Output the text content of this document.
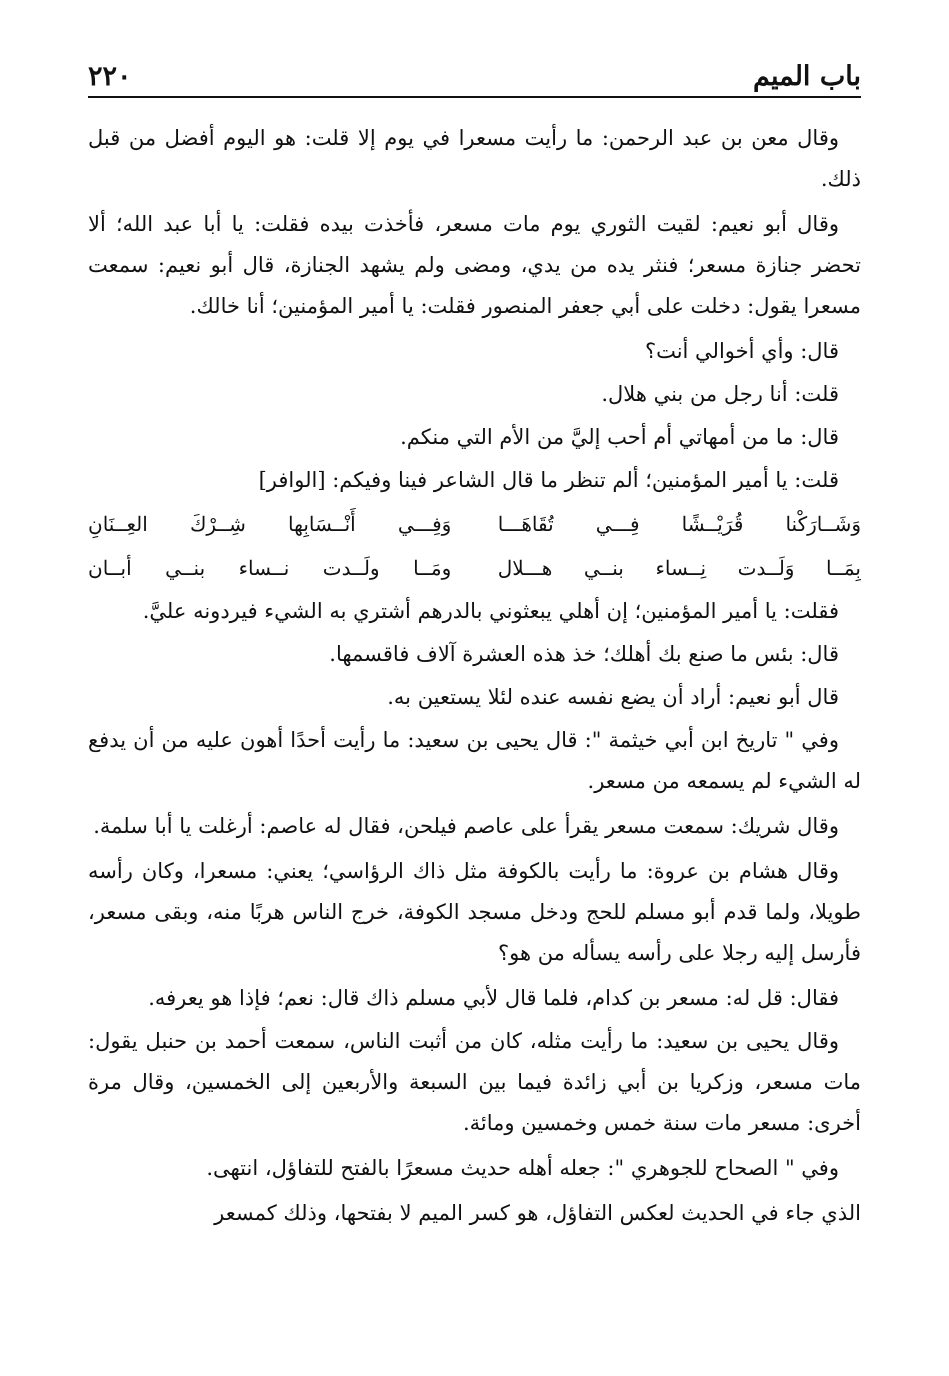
باب الميم
٢٢٠

وقال معن بن عبد الرحمن: ما رأيت مسعرا في يوم إلا قلت: هو اليوم أفضل من قبل ذلك.

وقال أبو نعيم: لقيت الثوري يوم مات مسعر، فأخذت بيده فقلت: يا أبا عبد الله؛ ألا تحضر جنازة مسعر؛ فنثر يده من يدي، ومضى ولم يشهد الجنازة، قال أبو نعيم: سمعت مسعرا يقول: دخلت على أبي جعفر المنصور فقلت: يا أمير المؤمنين؛ أنا خالك.

قال: وأي أخوالي أنت؟

قلت: أنا رجل من بني هلال.

قال: ما من أمهاتي أم أحب إليَّ من الأم التي منكم.

قلت: يا أمير المؤمنين؛ ألم تنظر ما قال الشاعر فينا وفيكم: [الوافر]

وَشَــارَكْنا قُرَيْــشًا فِـــي تُقَاهَـــا
وَفِـــي أَنْــسَابِها شِــرْكَ العِــنَانِ
بِمَــا وَلَــدت نِــساء بنــي هـــلال
ومَــا ولَــدت نــساء بنــي أبــان

فقلت: يا أمير المؤمنين؛ إن أهلي يبعثوني بالدرهم أشتري به الشيء فيردونه عليَّ.

قال: بئس ما صنع بك أهلك؛ خذ هذه العشرة آلاف فاقسمها.

قال أبو نعيم: أراد أن يضع نفسه عنده لئلا يستعين به.

وفي " تاريخ ابن أبي خيثمة ": قال يحيى بن سعيد: ما رأيت أحدًا أهون عليه من أن يدفع له الشيء لم يسمعه من مسعر.

وقال شريك: سمعت مسعر يقرأ على عاصم فيلحن، فقال له عاصم: أرغلت يا أبا سلمة.

وقال هشام بن عروة: ما رأيت بالكوفة مثل ذاك الرؤاسي؛ يعني: مسعرا، وكان رأسه طويلا، ولما قدم أبو مسلم للحج ودخل مسجد الكوفة، خرج الناس هربًا منه، وبقى مسعر، فأرسل إليه رجلا على رأسه يسأله من هو؟

فقال: قل له: مسعر بن كدام، فلما قال لأبي مسلم ذاك قال: نعم؛ فإذا هو يعرفه.

وقال يحيى بن سعيد: ما رأيت مثله، كان من أثبت الناس، سمعت أحمد بن حنبل يقول: مات مسعر، وزكريا بن أبي زائدة فيما بين السبعة والأربعين إلى الخمسين، وقال مرة أخرى: مسعر مات سنة خمس وخمسين ومائة.

وفي " الصحاح للجوهري ": جعله أهله حديث مسعرًا بالفتح للتفاؤل، انتهى.

الذي جاء في الحديث لعكس التفاؤل، هو كسر الميم لا بفتحها، وذلك كمسعر
